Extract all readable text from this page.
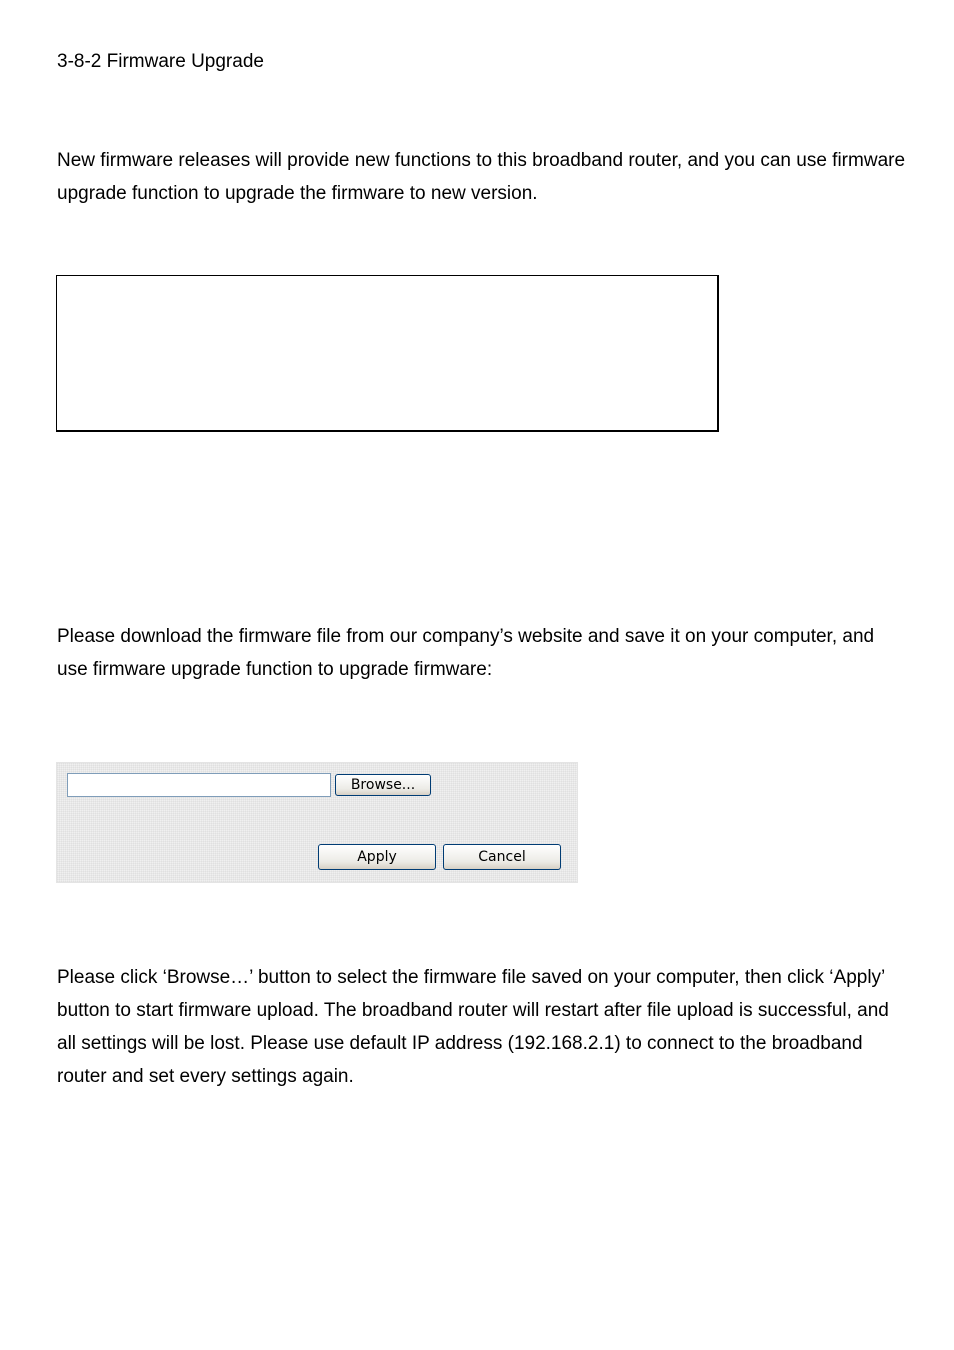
3-8-2 Firmware Upgrade

New firmware releases will provide new functions to this broadband router, and you can use firmware upgrade function to upgrade the firmware to new version.

Please download the firmware file from our company’s website and save it on your computer, and use firmware upgrade function to upgrade firmware:

Browse...
Apply	Cancel

Please click ‘Browse…’ button to select the firmware file saved on your computer, then click ‘Apply’ button to start firmware upload. The broadband router will restart after file upload is successful, and all settings will be lost. Please use default IP address (192.168.2.1) to connect to the broadband router and set every settings again.
